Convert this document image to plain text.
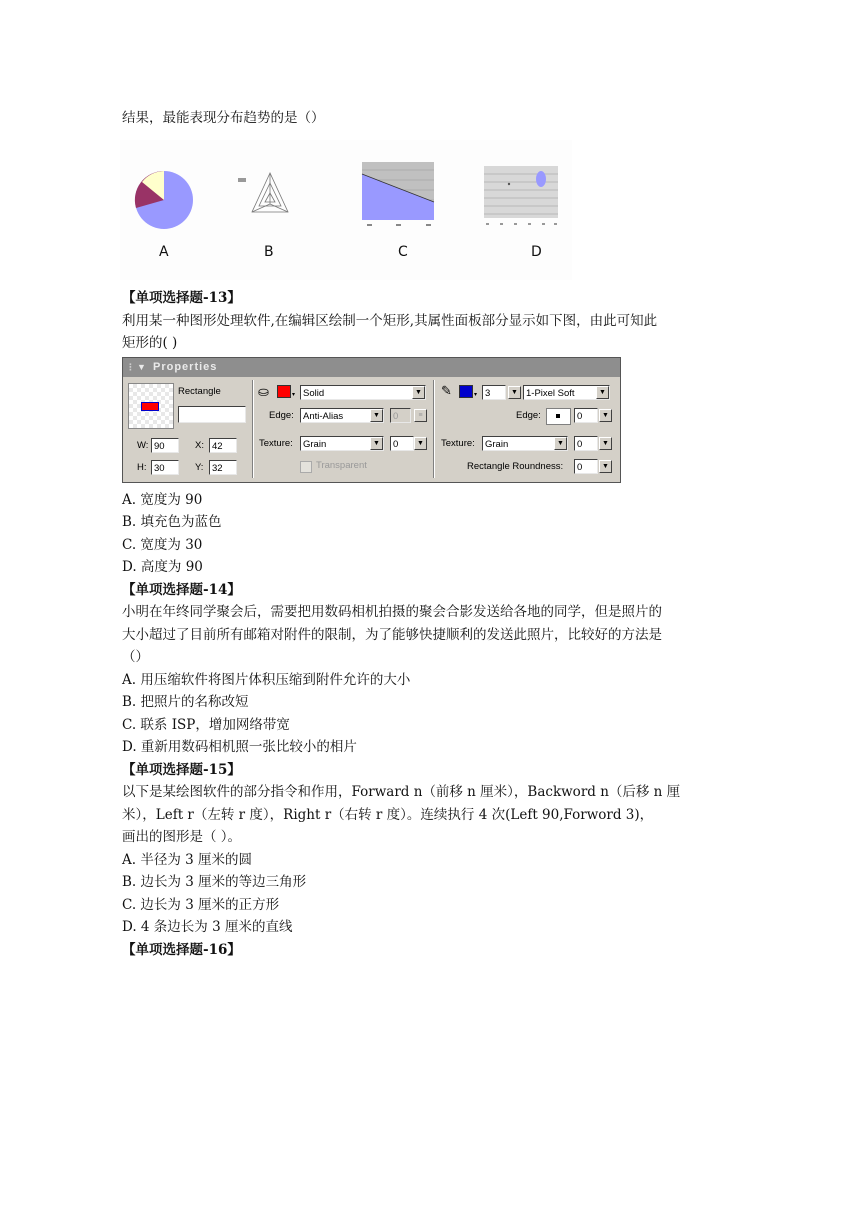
结果，最能表现分布趋势的是（）
A	B	C	D
【单项选择题-13】
利用某一种图形处理软件,在编辑区绘制一个矩形,其属性面板部分显示如下图，由此可知此
矩形的( )
⋮ ▼ Properties
Rectangle
W: 90	X: 42
H: 30	Y: 32
⛀	▾ Solid	▼
Edge: Anti-Alias	▼	0	≡
Texture:	Grain	▼	0	▼
Transparent
✎	▾ 3	▼ 1-Pixel Soft	▼
Edge:	0	▼
Texture:	Grain	▼	0	▼
Rectangle Roundness:	0	▼
A. 宽度为 90
B. 填充色为蓝色
C. 宽度为 30
D. 高度为 90
【单项选择题-14】
小明在年终同学聚会后，需要把用数码相机拍摄的聚会合影发送给各地的同学，但是照片的
大小超过了目前所有邮箱对附件的限制，为了能够快捷顺利的发送此照片，比较好的方法是
（）
A. 用压缩软件将图片体积压缩到附件允许的大小
B. 把照片的名称改短
C. 联系 ISP，增加网络带宽
D. 重新用数码相机照一张比较小的相片
【单项选择题-15】
以下是某绘图软件的部分指令和作用，Forward n（前移 n 厘米），Backword n（后移 n 厘
米），Left r（左转 r 度），Right r（右转 r 度）。连续执行 4 次(Left 90,Forword 3)，
画出的图形是（ ）。
A. 半径为 3 厘米的圆
B. 边长为 3 厘米的等边三角形
C. 边长为 3 厘米的正方形
D. 4 条边长为 3 厘米的直线
【单项选择题-16】
